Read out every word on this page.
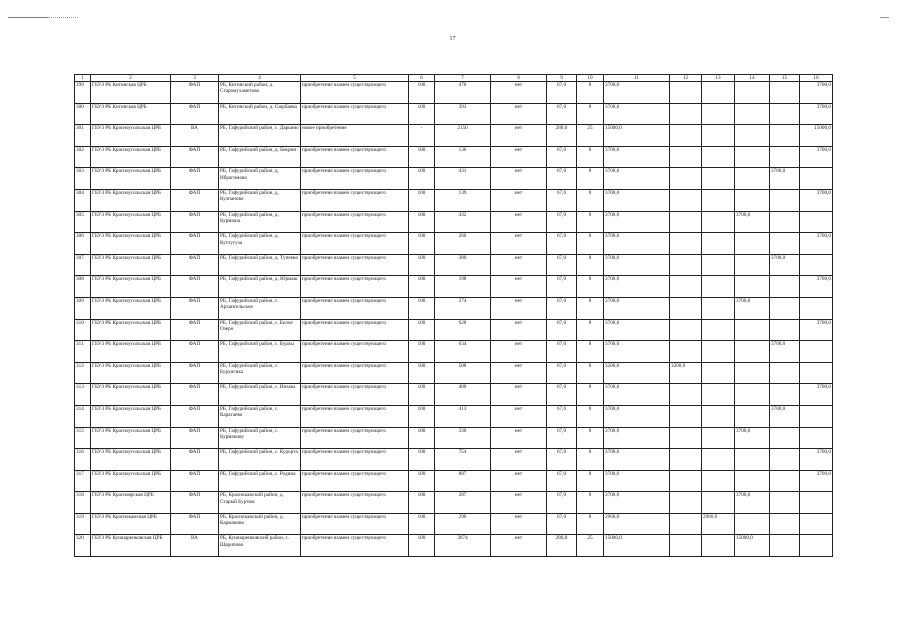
17
1	2	3	4	5	6	7	8	9	10	11	12	13	14	15	16
299	ГБУЗ РБ Кигинская ЦРБ	ФАП	РБ, Кигинский район, д. Старомухаметово	приобретение взамен существующего	100	470	нет	67,0	8	3700,0					3700,0
300	ГБУЗ РБ Кигинская ЦРБ	ФАП	РБ, Кигинский район, д. Сюрбаева	приобретение взамен существующего	100	393	нет	67,0	8	3700,0					3700,0
301	ГБУЗ РБ Красноусольская ЦРБ	ВА	РБ, Гафурийский район, с. Дарьино	новое приобретение	-	2150	нет	280,0	25	15000,0					15000,0
302	ГБУЗ РБ Красноусольская ЦРБ	ФАП	РБ, Гафурийский район, д. Бекрин	приобретение взамен существующего	100	136	нет	67,0	8	3700,0					3700,0
303	ГБУЗ РБ Красноусольская ЦРБ	ФАП	РБ, Гафурийский район, д. Ибрагимово	приобретение взамен существующего	100	431	нет	67,0	8	3700,0				3700,0	
304	ГБУЗ РБ Красноусольская ЦРБ	ФАП	РБ, Гафурийский район, д. Кулпаново	приобретение взамен существующего	100	139	нет	67,0	8	3700,0					3700,0
305	ГБУЗ РБ Красноусольская ЦРБ	ФАП	РБ, Гафурийский район, д. Курмаша	приобретение взамен существующего	100	432	нет	67,0	8	3700,0			3700,0		
306	ГБУЗ РБ Красноусольская ЦРБ	ФАП	РБ, Гафурийский район, д. Кутлугуза	приобретение взамен существующего	100	260	нет	67,0	8	3700,0					3700,0
307	ГБУЗ РБ Красноусольская ЦРБ	ФАП	РБ, Гафурийский район, д. Тупеево	приобретение взамен существующего	100	380	нет	67,0	8	3700,0				3700,0	
308	ГБУЗ РБ Красноусольская ЦРБ	ФАП	РБ, Гафурийский район, д. Юрмаш	приобретение взамен существующего	100	198	нет	67,0	8	3700,0					3700,0
309	ГБУЗ РБ Красноусольская ЦРБ	ФАП	РБ, Гафурийский район, с. Архангельское	приобретение взамен существующего	100	274	нет	67,0	8	3700,0			3700,0		
310	ГБУЗ РБ Красноусольская ЦРБ	ФАП	РБ, Гафурийский район, с. Белое Озеро	приобретение взамен существующего	100	628	нет	67,0	8	3700,0					3700,0
311	ГБУЗ РБ Красноусольская ЦРБ	ФАП	РБ, Гафурийский район, с. Бурлы	приобретение взамен существующего	100	634	нет	67,0	8	3700,0				3700,0	
312	ГБУЗ РБ Красноусольская ЦРБ	ФАП	РБ, Гафурийский район, с. Бурунсика	приобретение взамен существующего	100	508	нет	67,0	8	3200,0	3200,0				
313	ГБУЗ РБ Красноусольская ЦРБ	ФАП	РБ, Гафурийский район, с. Инзака	приобретение взамен существующего	100	400	нет	67,0	8	3700,0					3700,0
314	ГБУЗ РБ Красноусольская ЦРБ	ФАП	РБ, Гафурийский район, с. Карагаево	приобретение взамен существующего	100	413	нет	67,0	8	3700,0				3700,0	
315	ГБУЗ РБ Красноусольская ЦРБ	ФАП	РБ, Гафурийский район, с. Курманову	приобретение взамен существующего	100	330	нет	67,0	8	3700,0			3700,0		
316	ГБУЗ РБ Красноусольская ЦРБ	ФАП	РБ, Гафурийский район, с. Курорта	приобретение взамен существующего	100	754	нет	67,0	8	3700,0					3700,0
317	ГБУЗ РБ Красноусольская ЦРБ	ФАП	РБ, Гафурийский район, с. Родина	приобретение взамен существующего	100	887	нет	67,0	8	3700,0					3700,0
318	ГБУЗ РБ Красноярская ЦРБ	ФАП	РБ, Краснокамский район, д. Старый Буртюк	приобретение взамен существующего	100	287	нет	67,0	8	3700,0			3700,0		
319	ГБУЗ РБ Краснокамская ЦРБ	ФАП	РБ, Краснокамский район, д. Карманово	приобретение взамен существующего	100	296	нет	67,0	8	2960,0		2960,0			
320	ГБУЗ РБ Кушнаренковская ЦРБ	ВА	РБ, Кушнаренковский район, с. Шарипово	приобретение взамен существующего	100	3074	нет	280,0	25	15000,0			15000,0		
